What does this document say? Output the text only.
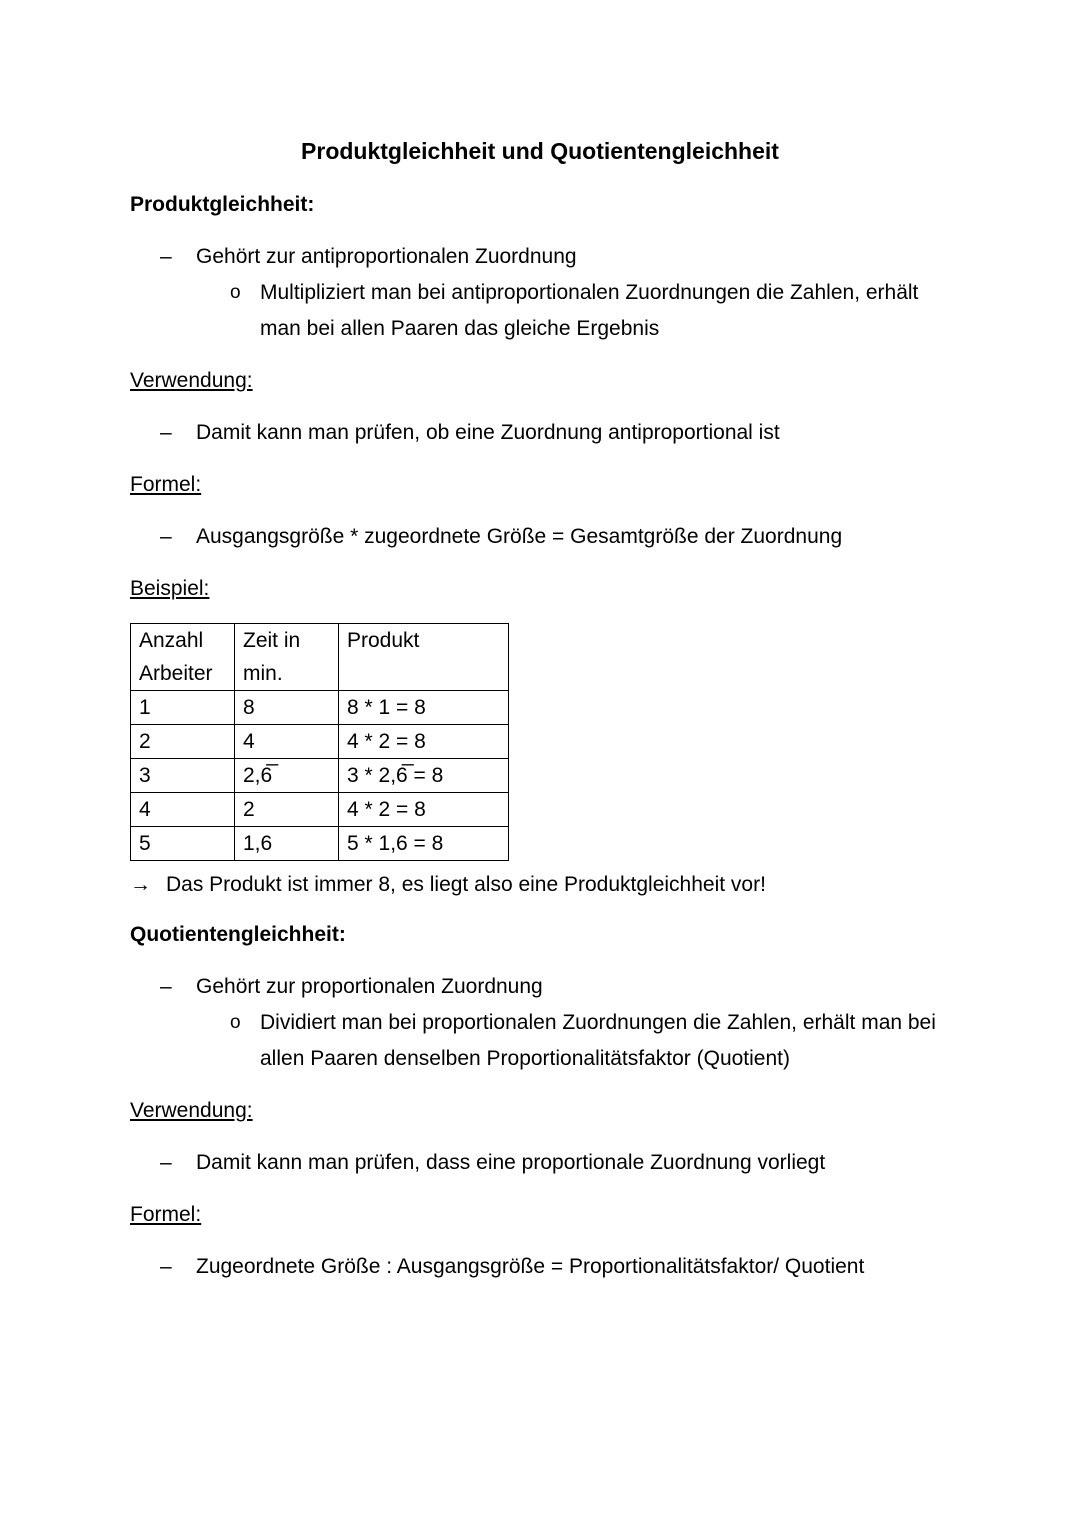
Produktgleichheit und Quotientengleichheit

Produktgleichheit:

–	Gehört zur antiproportionalen Zuordnung
o Multipliziert man bei antiproportionalen Zuordnungen die Zahlen, erhält man bei allen Paaren das gleiche Ergebnis

Verwendung:

–	Damit kann man prüfen, ob eine Zuordnung antiproportional ist

Formel:

–	Ausgangsgröße * zugeordnete Größe = Gesamtgröße der Zuordnung

Beispiel:

Anzahl Arbeiter	Zeit in min.	Produkt
1	8	8 * 1 = 8
2	4	4 * 2 = 8
3	2,6̅	3 * 2,6̅ = 8
4	2	4 * 2 = 8
5	1,6	5 * 1,6 = 8

→ Das Produkt ist immer 8, es liegt also eine Produktgleichheit vor!

Quotientengleichheit:

–	Gehört zur proportionalen Zuordnung
o Dividiert man bei proportionalen Zuordnungen die Zahlen, erhält man bei allen Paaren denselben Proportionalitätsfaktor (Quotient)

Verwendung:

–	Damit kann man prüfen, dass eine proportionale Zuordnung vorliegt

Formel:

–	Zugeordnete Größe : Ausgangsgröße = Proportionalitätsfaktor/ Quotient
